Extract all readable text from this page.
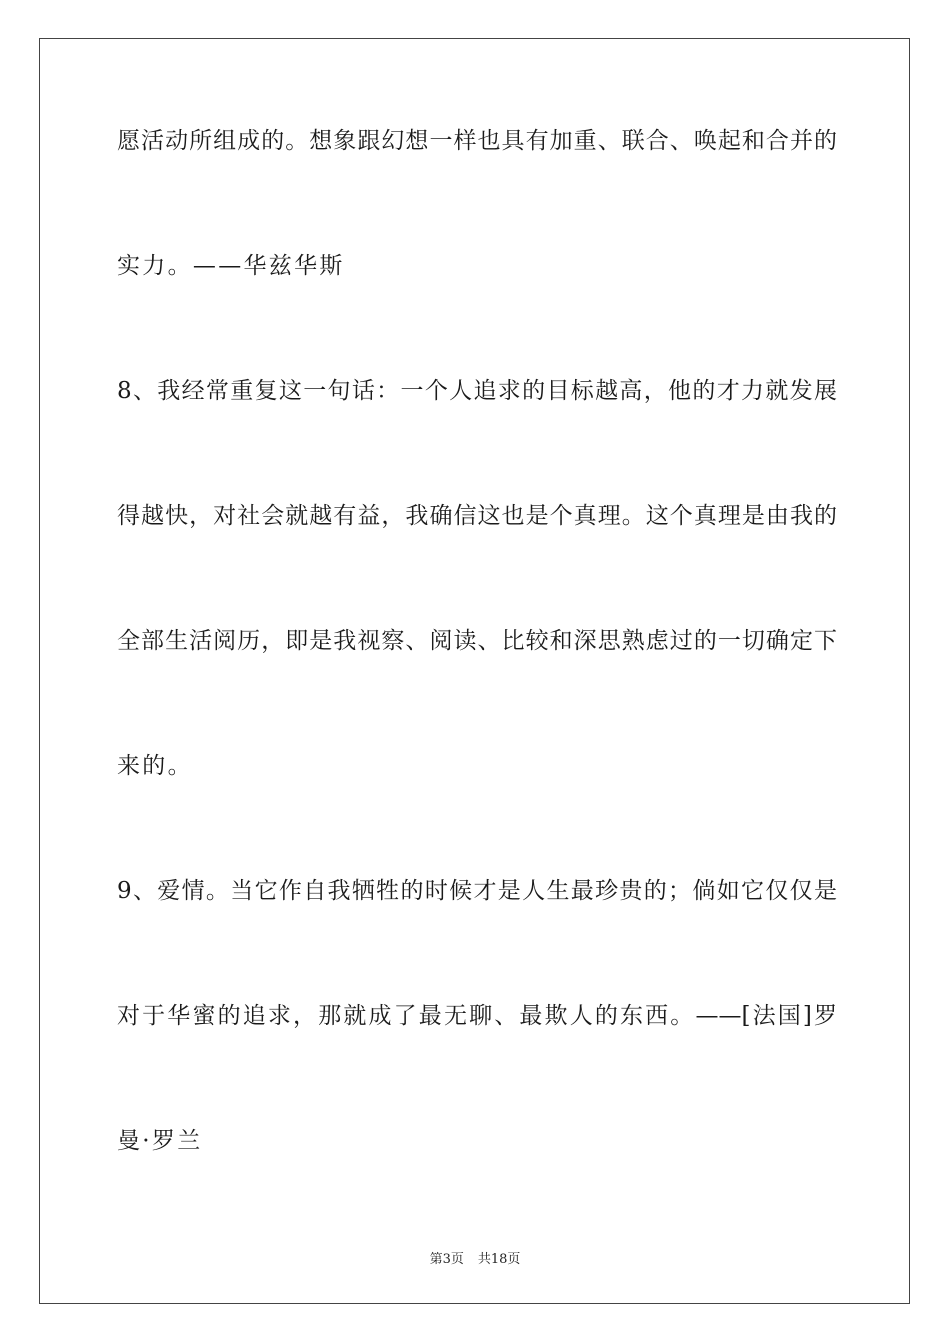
愿活动所组成的。想象跟幻想一样也具有加重、联合、唤起和合并的

实力。——华兹华斯

8、我经常重复这一句话：一个人追求的目标越高，他的才力就发展

得越快，对社会就越有益，我确信这也是个真理。这个真理是由我的

全部生活阅历，即是我视察、阅读、比较和深思熟虑过的一切确定下

来的。

9、爱情。当它作自我牺牲的时候才是人生最珍贵的；倘如它仅仅是

对于华蜜的追求，那就成了最无聊、最欺人的东西。——[法国]罗

曼·罗兰

第3页 共18页
